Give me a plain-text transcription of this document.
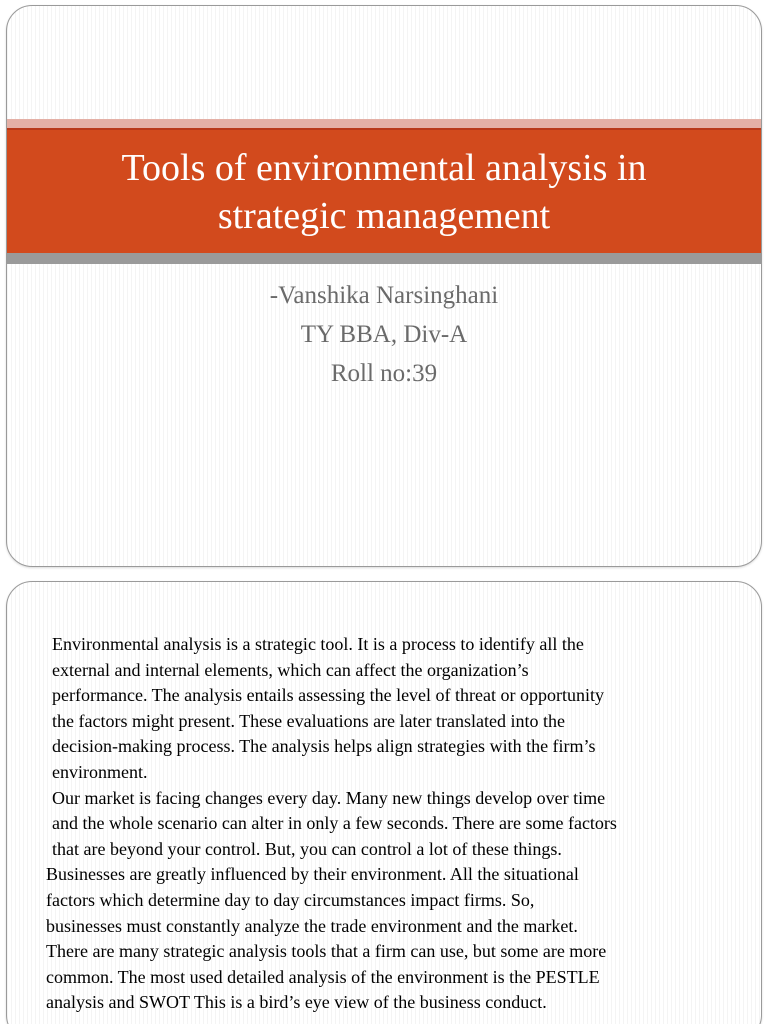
Tools of environmental analysis in
strategic management
-Vanshika Narsinghani
TY BBA, Div-A
Roll no:39
Environmental analysis is a strategic tool. It is a process to identify all the
external and internal elements, which can affect the organization’s
performance. The analysis entails assessing the level of threat or opportunity
the factors might present. These evaluations are later translated into the
decision-making process. The analysis helps align strategies with the firm’s
environment.
Our market is facing changes every day. Many new things develop over time
and the whole scenario can alter in only a few seconds. There are some factors
that are beyond your control. But, you can control a lot of these things.
Businesses are greatly influenced by their environment. All the situational
factors which determine day to day circumstances impact firms. So,
businesses must constantly analyze the trade environment and the market.
There are many strategic analysis tools that a firm can use, but some are more
common. The most used detailed analysis of the environment is the PESTLE
analysis and SWOT This is a bird’s eye view of the business conduct.
